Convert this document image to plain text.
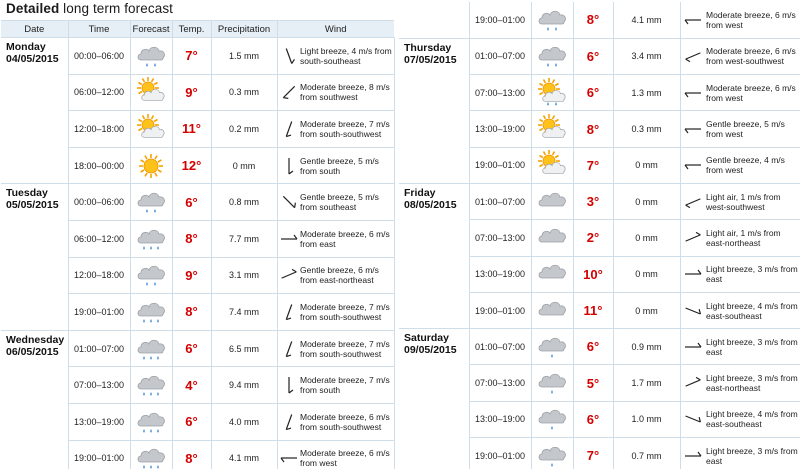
Detailed long term forecast
Date	Time	Forecast	Temp.	Precipitation	Wind	

Monday
04/05/2015	00:00–06:00		7°	1.5 mm		Light breeze, 4 m/s from south-southeast
	06:00–12:00		9°	0.3 mm		Moderate breeze, 8 m/s from southwest
	12:00–18:00		11°	0.2 mm		Moderate breeze, 7 m/s from south-southwest
	18:00–00:00		12°	0 mm		Gentle breeze, 5 m/s from south

Tuesday
05/05/2015	00:00–06:00		6°	0.8 mm		Gentle breeze, 5 m/s from southeast
	06:00–12:00		8°	7.7 mm		Moderate breeze, 6 m/s from east
	12:00–18:00		9°	3.1 mm		Gentle breeze, 6 m/s from east-northeast
	19:00–01:00		8°	7.4 mm		Moderate breeze, 7 m/s from south-southwest

Wednesday
06/05/2015	01:00–07:00		6°	6.5 mm		Moderate breeze, 7 m/s from south-southwest
	07:00–13:00		4°	9.4 mm		Moderate breeze, 7 m/s from south
	13:00–19:00		6°	4.0 mm		Moderate breeze, 6 m/s from south-southwest
	19:00–01:00		8°	4.1 mm		Moderate breeze, 6 m/s from west
	19:00–01:00		8°	4.1 mm		Moderate breeze, 6 m/s from west

Thursday
07/05/2015	01:00–07:00		6°	3.4 mm		Moderate breeze, 6 m/s from west-southwest
	07:00–13:00		6°	1.3 mm		Moderate breeze, 6 m/s from west
	13:00–19:00		8°	0.3 mm		Gentle breeze, 5 m/s from west
	19:00–01:00		7°	0 mm		Gentle breeze, 4 m/s from west

Friday
08/05/2015	01:00–07:00		3°	0 mm		Light air, 1 m/s from west-southwest
	07:00–13:00		2°	0 mm		Light air, 1 m/s from east-northeast
	13:00–19:00		10°	0 mm		Light breeze, 3 m/s from east
	19:00–01:00		11°	0 mm		Light breeze, 4 m/s from east-southeast

Saturday
09/05/2015	01:00–07:00		6°	0.9 mm		Light breeze, 3 m/s from east
	07:00–13:00		5°	1.7 mm		Light breeze, 3 m/s from east-northeast
	13:00–19:00		6°	1.0 mm		Light breeze, 4 m/s from east-southeast
	19:00–01:00		7°	0.7 mm		Light breeze, 3 m/s from east
